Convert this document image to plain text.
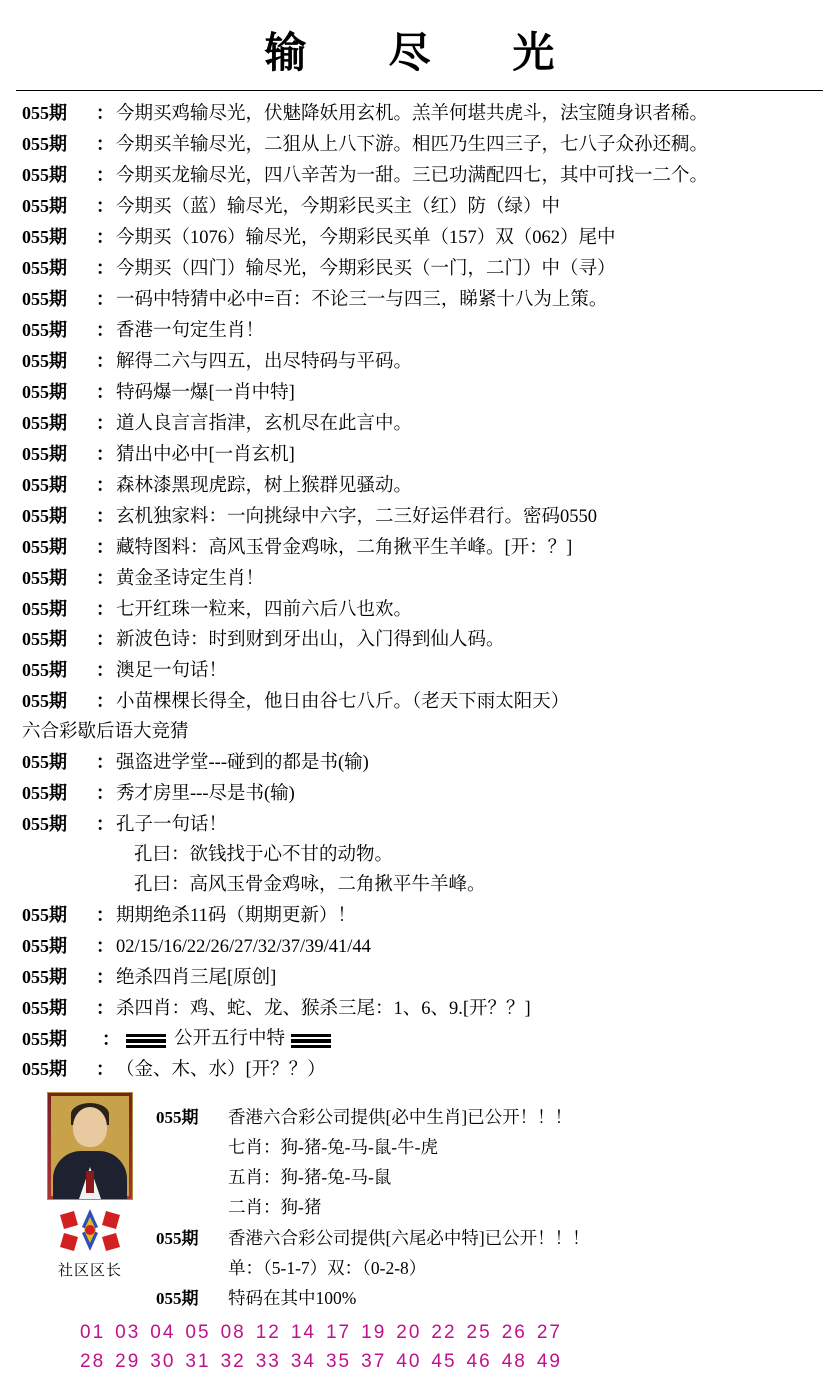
输　尽　光
055期	： 今期买鸡输尽光，伏魅降妖用玄机。羔羊何堪共虎斗，法宝随身识者稀。
055期	： 今期买羊输尽光，二狙从上八下游。相匹乃生四三子，七八子众孙还稠。
055期	： 今期买龙输尽光，四八辛苦为一甜。三已功满配四七，其中可找一二个。
055期	： 今期买（蓝）输尽光，今期彩民买主（红）防（绿）中
055期	： 今期买（1076）输尽光，今期彩民买单（157）双（062）尾中
055期	： 今期买（四门）输尽光，今期彩民买（一门，二门）中（寻）
055期	： 一码中特猜中必中=百：不论三一与四三，睇紧十八为上策。
055期	： 香港一句定生肖！
055期	： 解得二六与四五，出尽特码与平码。
055期	： 特码爆一爆[一肖中特]
055期	： 道人良言言指津，玄机尽在此言中。
055期	： 猜出中必中[一肖玄机]
055期	： 森林漆黑现虎踪，树上猴群见骚动。
055期	： 玄机独家料：一向挑绿中六字，二三好运伴君行。密码0550
055期	： 藏特图料：高风玉骨金鸡咏，二角揪平生羊峰。[开：？]
055期	： 黄金圣诗定生肖！
055期	： 七开红珠一粒来，四前六后八也欢。
055期	： 新波色诗：时到财到牙出山，入门得到仙人码。
055期	： 澳足一句话！
055期	： 小苗棵棵长得全，他日由谷七八斤。（老天下雨太阳天）
六合彩歇后语大竞猜
055期	： 强盗进学堂---碰到的都是书(输)
055期	： 秀才房里---尽是书(输)
055期	： 孔子一句话！
孔曰：欲钱找于心不甘的动物。
孔曰：高风玉骨金鸡咏，二角揪平牛羊峰。
055期	： 期期绝杀11码（期期更新）！
055期	： 02/15/16/22/26/27/32/37/39/41/44
055期	： 绝杀四肖三尾[原创]
055期	： 杀四肖：鸡、蛇、龙、猴杀三尾：1、6、9.[开？？]
055期	：	公开五行中特
055期	： （金、木、水）[开？？）
社区区长
055期	香港六合彩公司提供[必中生肖]已公开！！！
七肖：狗-猪-兔-马-鼠-牛-虎
五肖：狗-猪-兔-马-鼠
二肖：狗-猪
055期	香港六合彩公司提供[六尾必中特]已公开！！！
单：（5-1-7）双：（0-2-8）
055期	特码在其中100%
01 03 04 05 08 12 14 17 19 20 22 25 26 27
28 29 30 31 32 33 34 35 37 40 45 46 48 49
